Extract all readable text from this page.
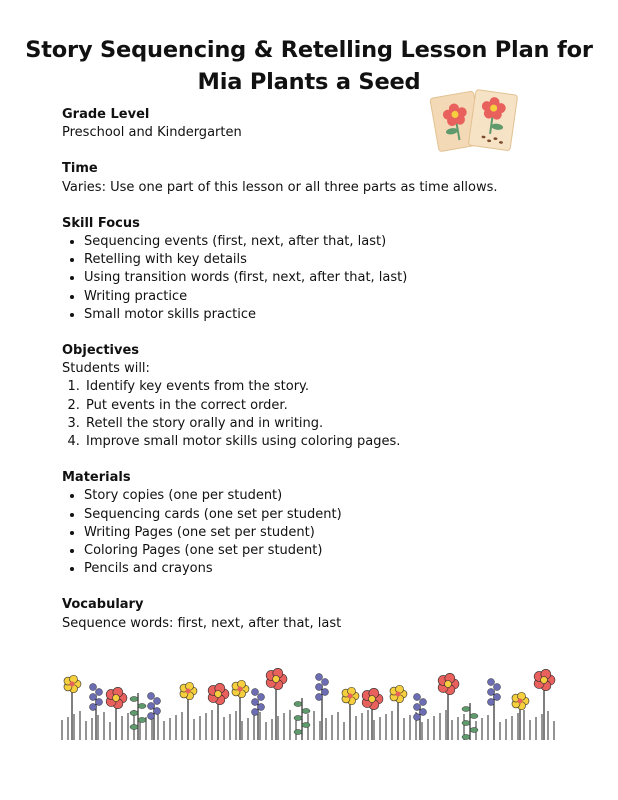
Story Sequencing & Retelling Lesson Plan for
Mia Plants a Seed
Grade Level
Preschool and Kindergarten
Time
Varies: Use one part of this lesson or all three parts as time allows.
Skill Focus
• Sequencing events (first, next, after that, last)
• Retelling with key details
• Using transition words (first, next, after that, last)
• Writing practice
• Small motor skills practice
Objectives
Students will:
1. Identify key events from the story.
2. Put events in the correct order.
3. Retell the story orally and in writing.
4. Improve small motor skills using coloring pages.
Materials
• Story copies (one per student)
• Sequencing cards (one set per student)
• Writing Pages (one set per student)
• Coloring Pages (one set per student)
• Pencils and crayons
Vocabulary
Sequence words: first, next, after that, last
